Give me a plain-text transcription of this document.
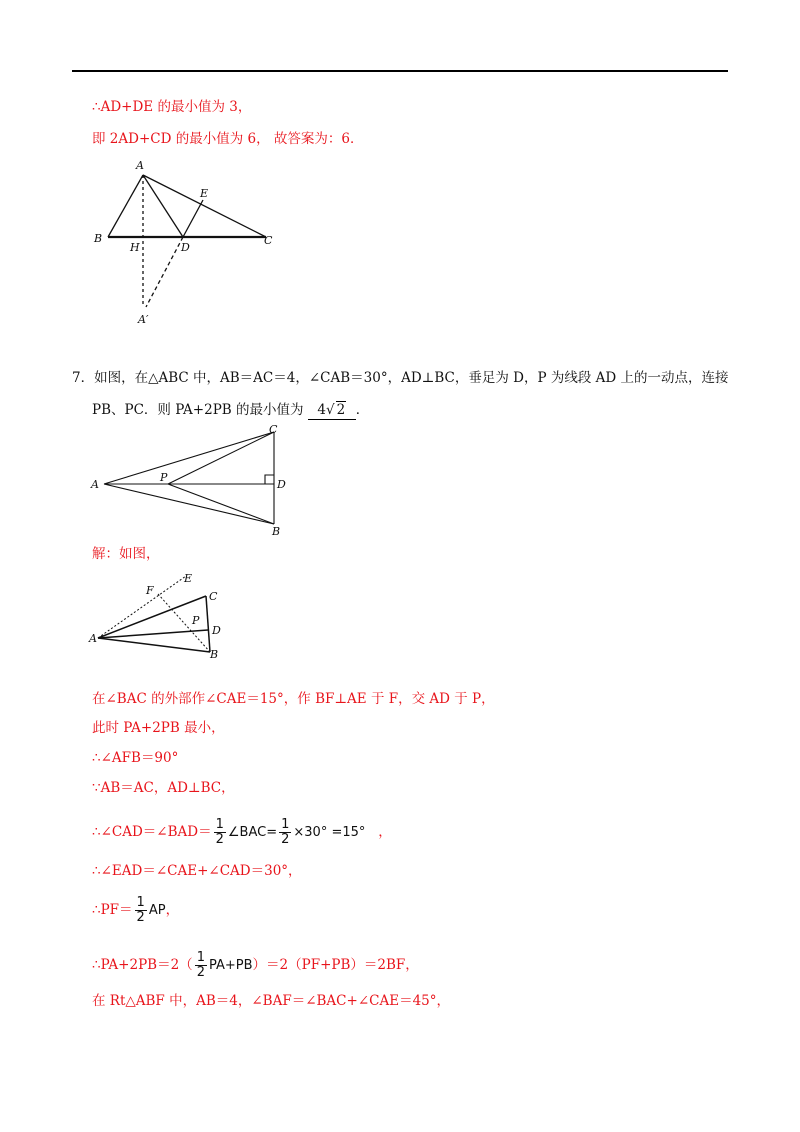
∴AD+DE 的最小值为 3，
即 2AD+CD 的最小值为 6， 故答案为：6．
A
E
B
H	D
C
A′
7．如图，在△ABC 中，AB＝AC＝4，∠CAB＝30°，AD⊥BC，垂足为 D，P 为线段 AD 上的一动点，连接
PB、PC．则 PA+2PB 的最小值为 4√ 2 ．
C
A
P
D
B
解：如图，
F
E
C
P
D
A
B
在∠BAC 的外部作∠CAE＝15°，作 BF⊥AE 于 F，交 AD 于 P，
此时 PA+2PB 最小，
∴∠AFB＝90°
∵AB＝AC，AD⊥BC，
∴∠CAD＝∠BAD＝ $\frac{1}{2}$ ∠BAC= $\frac{1}{2} \times 30^\circ =15^\circ$ ，
∴∠EAD＝∠CAE+∠CAD＝30°，
∴PF＝ $\frac{1}{2}$ AP，
∴PA+2PB＝2（ $\frac{1}{2} PA+PB)=2(PF+PB)=2BF$，
在 Rt△ABF 中，AB＝4，∠BAF＝∠BAC+∠CAE＝45°，
